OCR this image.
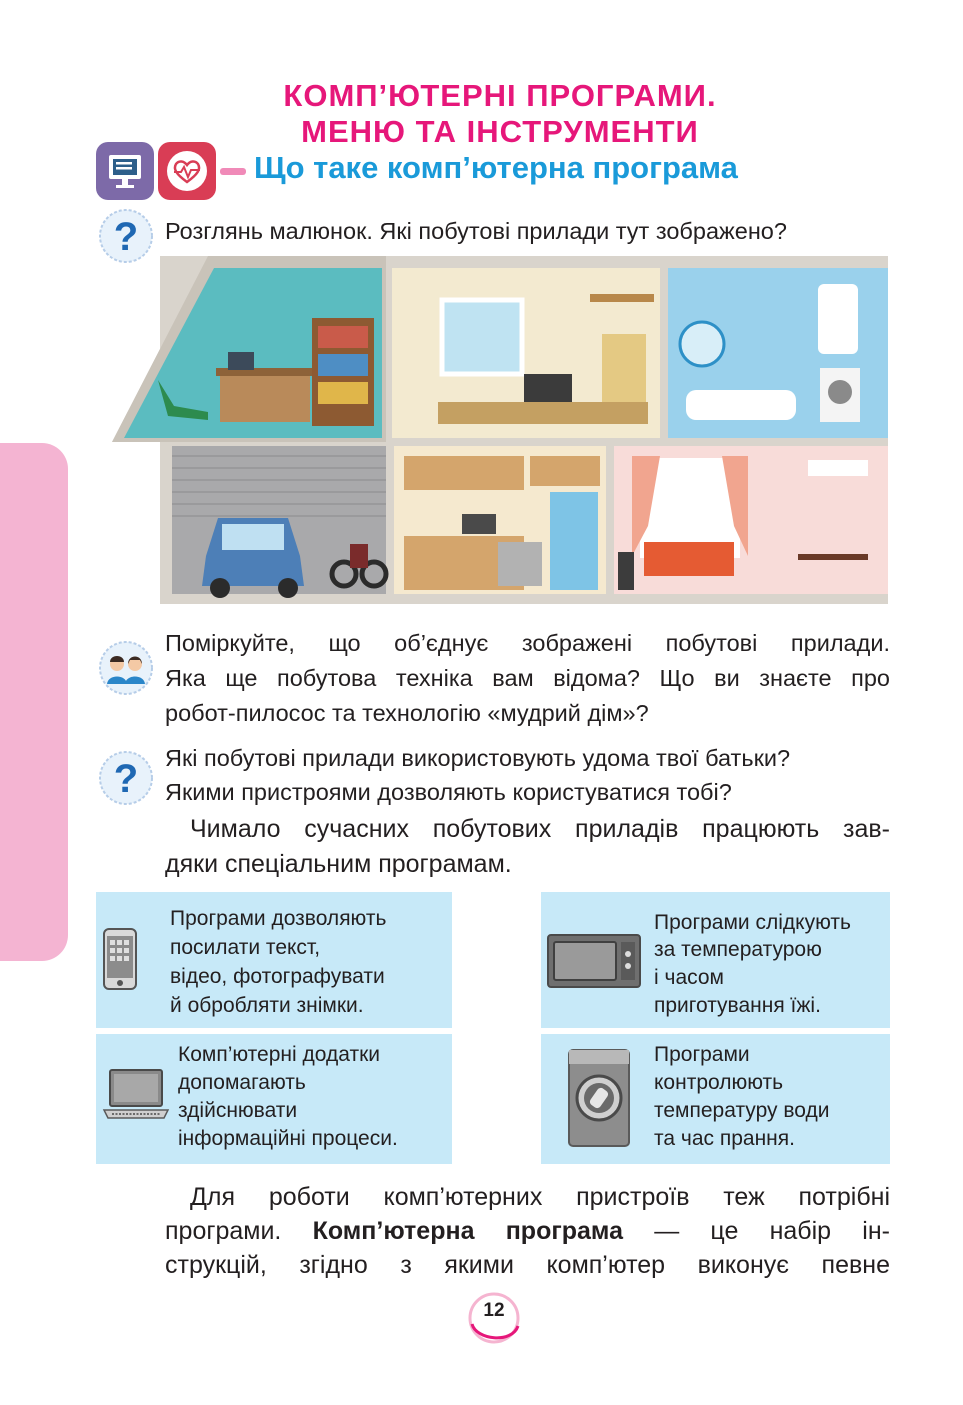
КОМП’ЮТЕРНІ ПРОГРАМИ.
МЕНЮ ТА ІНСТРУМЕНТИ
Що таке комп’ютерна програма
? Розглянь малюнок. Які побутові прилади тут зображено?
Поміркуйте, що об’єднує зображені побутові прилади.
Яка ще побутова техніка вам відома? Що ви знаєте про
робот-пилосос та технологію «мудрий дім»?
? Які побутові прилади використовують удома твої батьки?
Якими пристроями дозволяють користуватися тобі?
Чимало сучасних побутових приладів працюють зав-
дяки спеціальним програмам.
Програми дозволяють
посилати текст,
відео, фотографувати
й обробляти знімки.
Програми слідкують
за температурою
і часом
приготування їжі.
Комп’ютерні додатки
допомагають
здійснювати
інформаційні процеси.
Програми
контролюють
температуру води
та час прання.
Для роботи комп’ютерних пристроїв теж потрібні
програми. Комп’ютерна програма — це набір ін-
струкцій, згідно з якими комп’ютер виконує певне
12
